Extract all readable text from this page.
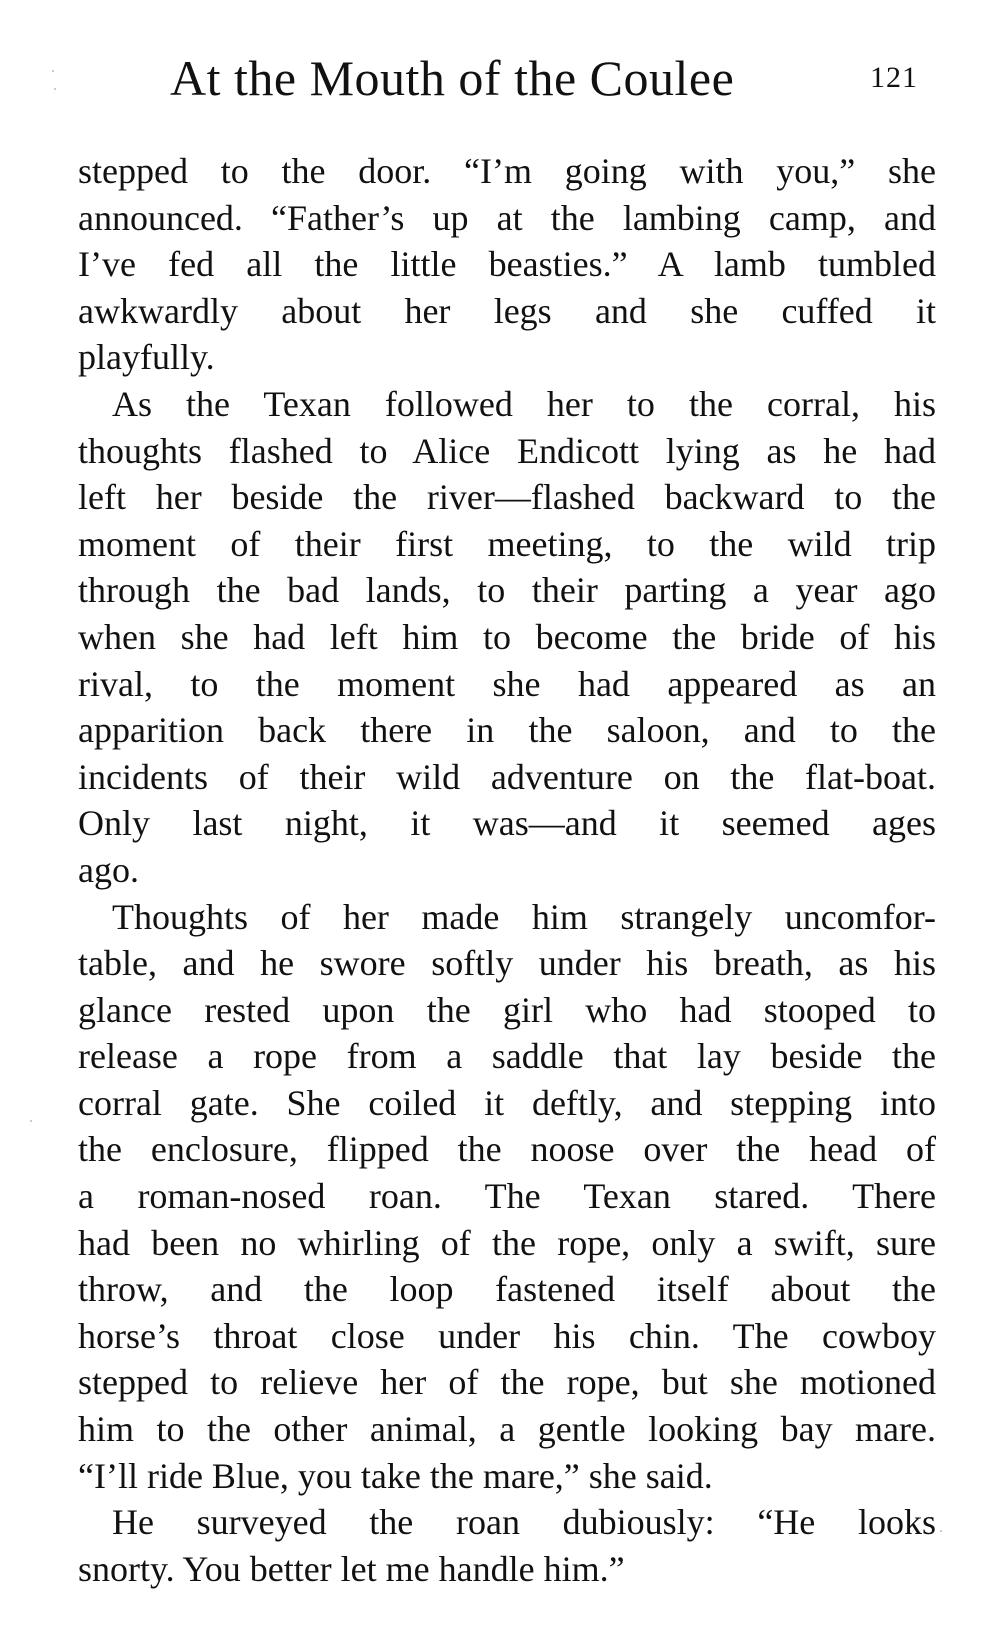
At the Mouth of the Coulee	121
stepped to the door. “I’m going with you,” she
announced. “Father’s up at the lambing camp, and
I’ve fed all the little beasties.” A lamb tumbled
awkwardly about her legs and she cuffed it
playfully.
As the Texan followed her to the corral, his
thoughts flashed to Alice Endicott lying as he had
left her beside the river—flashed backward to the
moment of their first meeting, to the wild trip
through the bad lands, to their parting a year ago
when she had left him to become the bride of his
rival, to the moment she had appeared as an
apparition back there in the saloon, and to the
incidents of their wild adventure on the flat-boat.
Only last night, it was—and it seemed ages
ago.
Thoughts of her made him strangely uncomfor-
table, and he swore softly under his breath, as his
glance rested upon the girl who had stooped to
release a rope from a saddle that lay beside the
corral gate. She coiled it deftly, and stepping into
the enclosure, flipped the noose over the head of
a roman-nosed roan. The Texan stared. There
had been no whirling of the rope, only a swift, sure
throw, and the loop fastened itself about the
horse’s throat close under his chin. The cowboy
stepped to relieve her of the rope, but she motioned
him to the other animal, a gentle looking bay mare.
“I’ll ride Blue, you take the mare,” she said.
He surveyed the roan dubiously: “He looks
snorty. You better let me handle him.”
